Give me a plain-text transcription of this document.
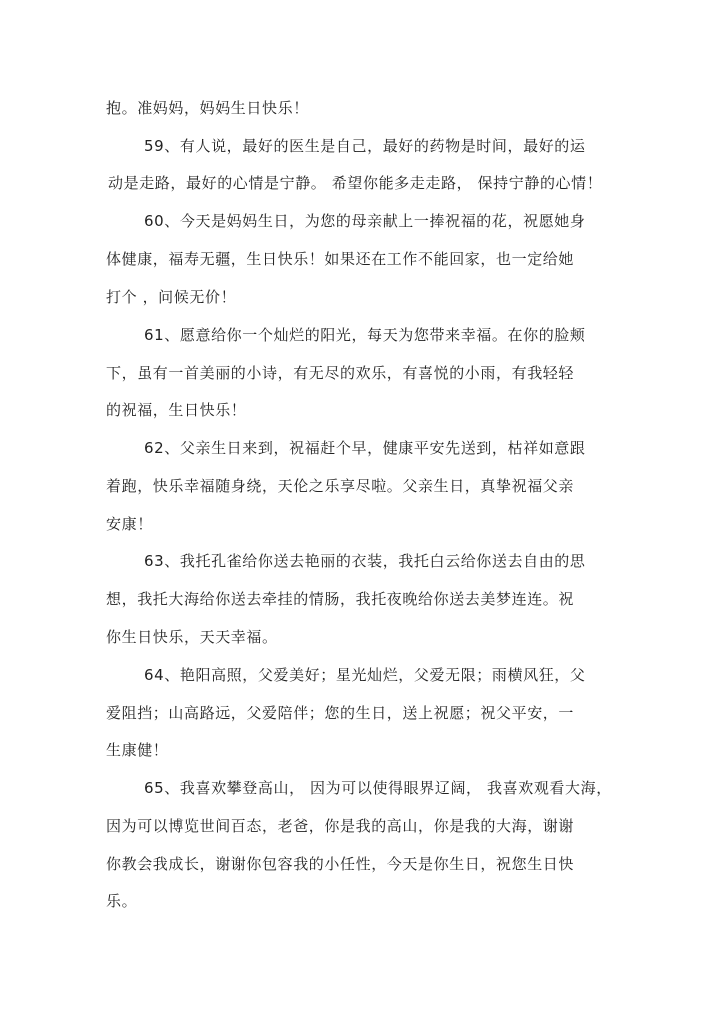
抱。准妈妈，妈妈生日快乐！
59、有人说，最好的医生是自己，最好的药物是时间，最好的运
动是走路，最好的心情是宁静。 希望你能多走走路， 保持宁静的心情！
60、今天是妈妈生日，为您的母亲献上一捧祝福的花，祝愿她身
体健康，福寿无疆，生日快乐！如果还在工作不能回家，也一定给她
打个 ，问候无价！
61、愿意给你一个灿烂的阳光，每天为您带来幸福。在你的脸颊
下，虽有一首美丽的小诗，有无尽的欢乐，有喜悦的小雨，有我轻轻
的祝福，生日快乐！
62、父亲生日来到，祝福赶个早，健康平安先送到，枯祥如意跟
着跑，快乐幸福随身绕，天伦之乐享尽啦。父亲生日，真挚祝福父亲
安康！
63、我托孔雀给你送去艳丽的衣装，我托白云给你送去自由的思
想，我托大海给你送去牵挂的情肠，我托夜晚给你送去美梦连连。祝
你生日快乐，天天幸福。
64、艳阳高照，父爱美好；星光灿烂，父爱无限；雨横风狂，父
爱阻挡；山高路远，父爱陪伴；您的生日，送上祝愿；祝父平安，一
生康健！
65、我喜欢攀登高山， 因为可以使得眼界辽阔， 我喜欢观看大海，
因为可以博览世间百态，老爸，你是我的高山，你是我的大海，谢谢
你教会我成长，谢谢你包容我的小任性，今天是你生日，祝您生日快
乐。
